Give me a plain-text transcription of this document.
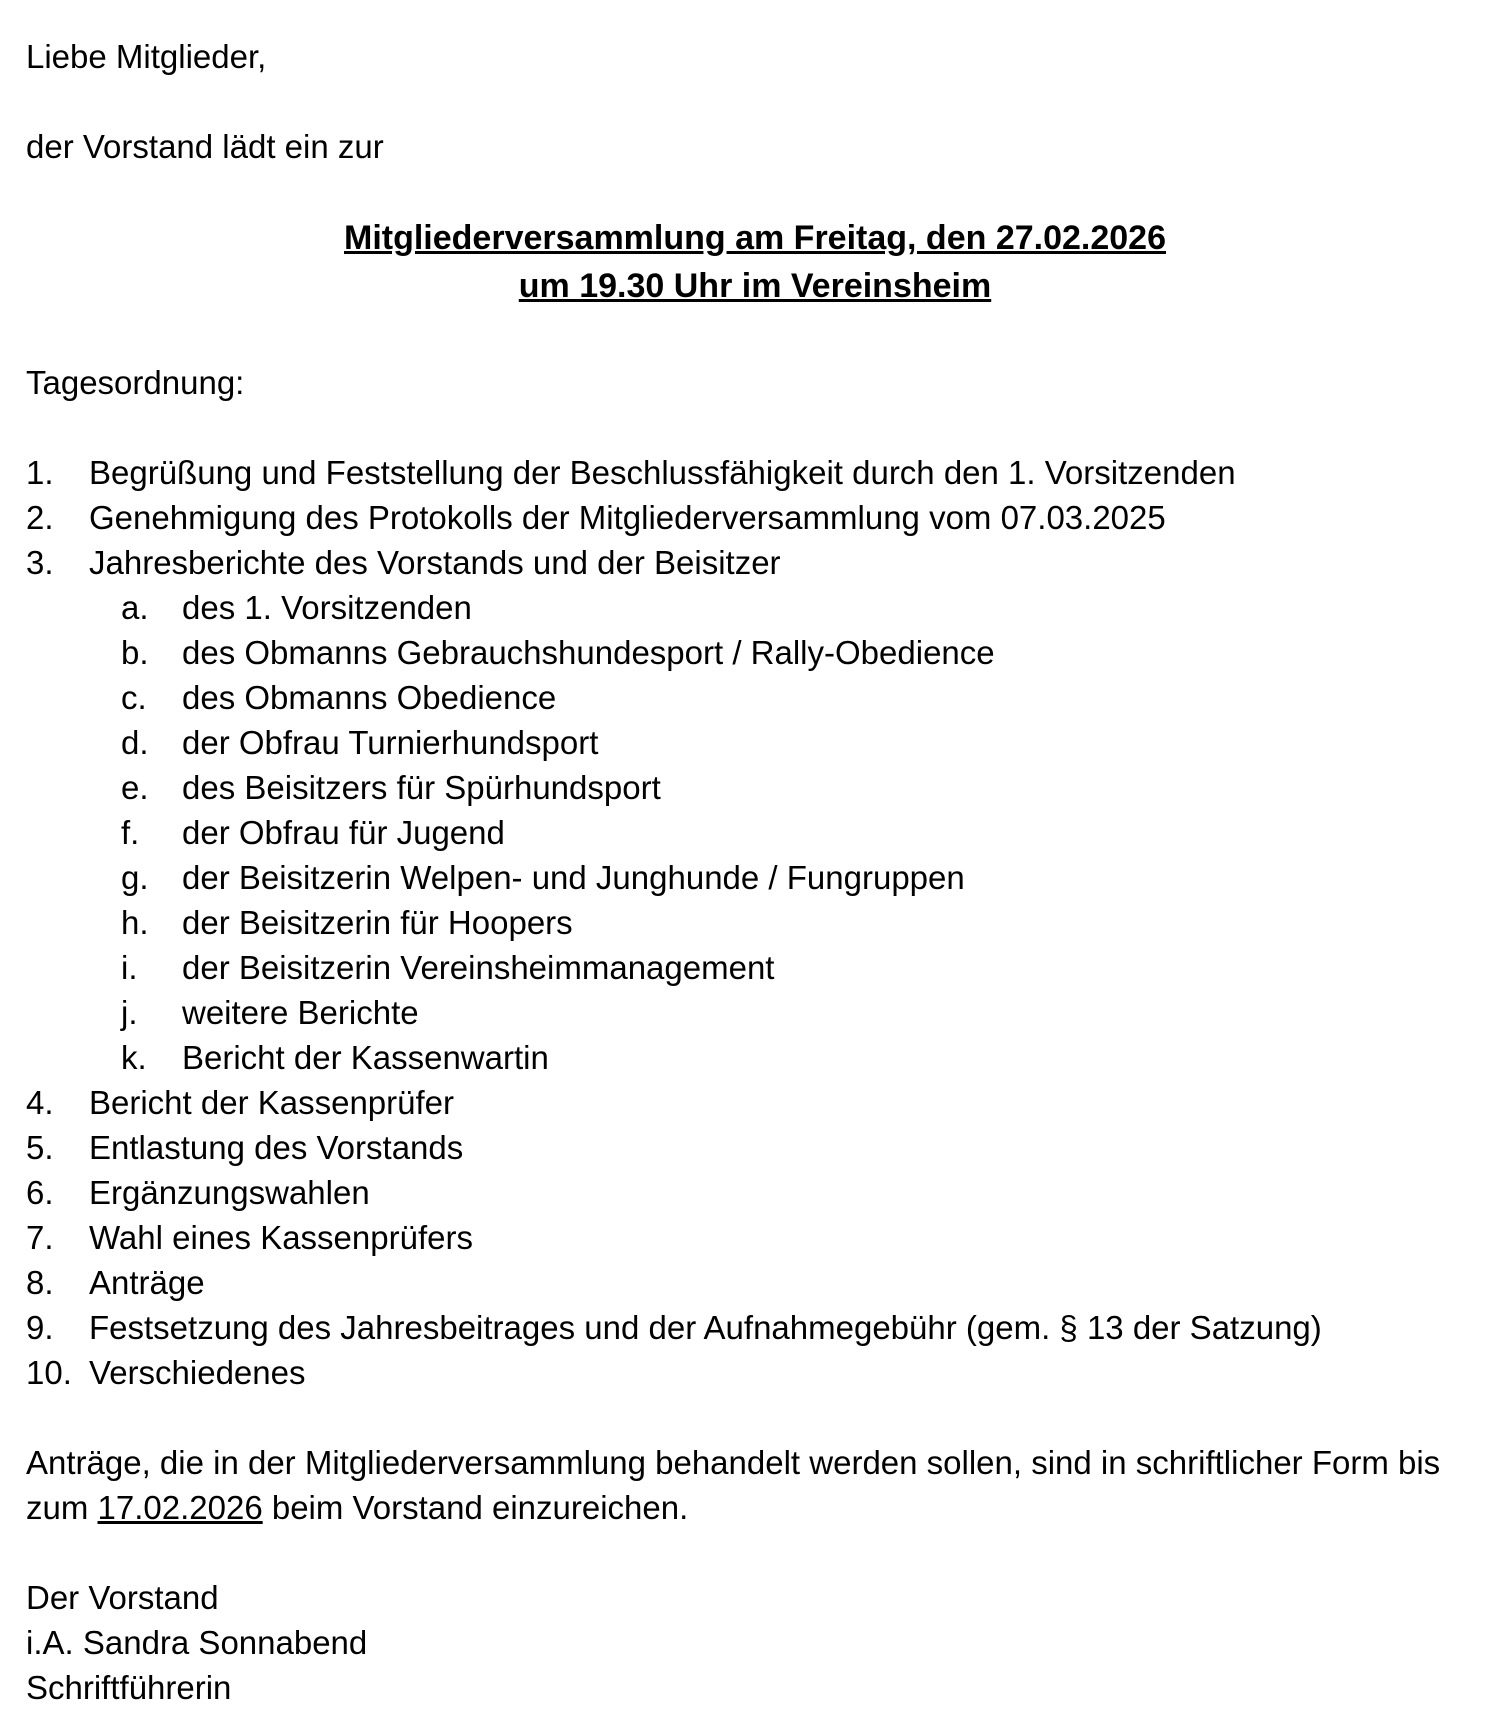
Liebe Mitglieder,
der Vorstand lädt ein zur
Mitgliederversammlung am Freitag, den 27.02.2026
um 19.30 Uhr im Vereinsheim
Tagesordnung:
1. Begrüßung und Feststellung der Beschlussfähigkeit durch den 1. Vorsitzenden
2. Genehmigung des Protokolls der Mitgliederversammlung vom 07.03.2025
3. Jahresberichte des Vorstands und der Beisitzer
a. des 1. Vorsitzenden
b. des Obmanns Gebrauchshundesport / Rally-Obedience
c. des Obmanns Obedience
d. der Obfrau Turnierhundsport
e. des Beisitzers für Spürhundsport
f. der Obfrau für Jugend
g. der Beisitzerin Welpen- und Junghunde / Fungruppen
h. der Beisitzerin für Hoopers
i. der Beisitzerin Vereinsheimmanagement
j. weitere Berichte
k. Bericht der Kassenwartin
4. Bericht der Kassenprüfer
5. Entlastung des Vorstands
6. Ergänzungswahlen
7. Wahl eines Kassenprüfers
8. Anträge
9. Festsetzung des Jahresbeitrages und der Aufnahmegebühr (gem. § 13 der Satzung)
10. Verschiedenes
Anträge, die in der Mitgliederversammlung behandelt werden sollen, sind in schriftlicher Form bis
zum 17.02.2026 beim Vorstand einzureichen.
Der Vorstand
i.A. Sandra Sonnabend
Schriftführerin
